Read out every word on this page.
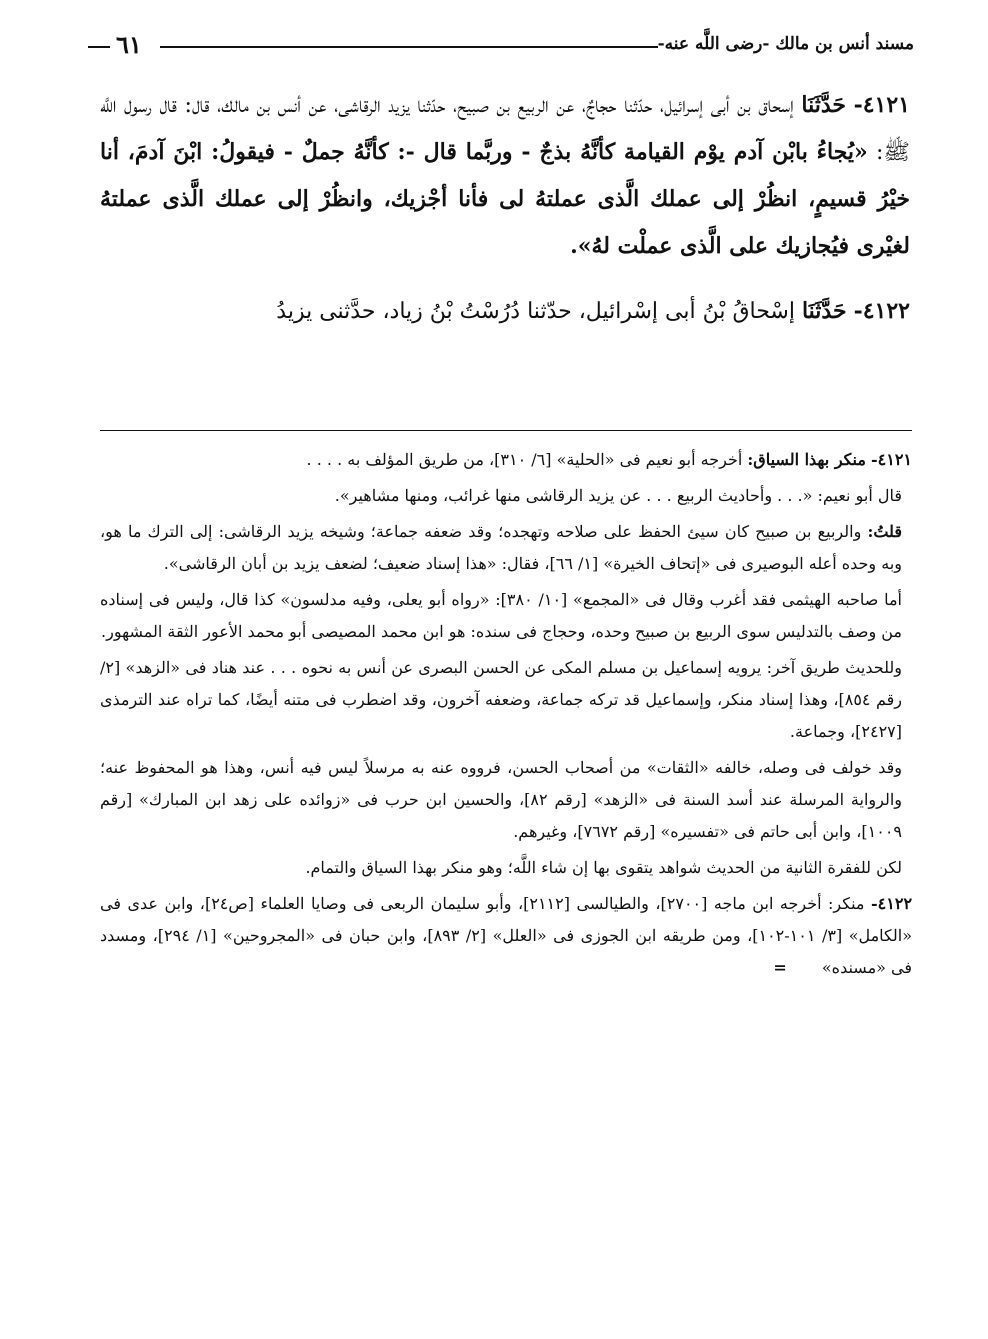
مسند أنس بن مالك -رضى اللَّه عنه-
٦١

٤١٢١- حَدَّثَنَا إسحاق بن أبى إسرائيل، حدّثنا حجاجٌ، عن الربيع بن صبيح، حدّثنا يزيد الرقاشى، عن أنس بن مالك، قال: قال رسول اللَّه ﷺ: «يُجاءُ بابْن آدم يوْم القيامة كأنَّهُ بذجٌ - وربَّما قال -: كأنَّهُ جملٌ - فيقولُ: ابْنَ آدمَ، أنا خيْرُ قسيمٍ، انظُرْ إلى عملك الَّذى عملتهُ لى فأنا أجْزيك، وانظُرْ إلى عملك الَّذى عملتهُ لغيْرى فيُجازيك على الَّذى عملْت لهُ».

٤١٢٢- حَدَّثَنَا إسْحاقُ بْنُ أبى إسْرائيل، حدّثنا دُرُسْتُ بْنُ زياد، حدَّثنى يزيدُ

٤١٢١- منكر بهذا السياق: أخرجه أبو نعيم فى «الحلية» [٦/ ٣١٠]، من طريق المؤلف به . . . .

قال أبو نعيم: «. . . وأحاديث الربيع . . . عن يزيد الرقاشى منها غرائب، ومنها مشاهير».

قلتُ: والربيع بن صبيح كان سيئ الحفظ على صلاحه وتهجده؛ وقد ضعفه جماعة؛ وشيخه يزيد الرقاشى: إلى الترك ما هو، وبه وحده أعله البوصيرى فى «إتحاف الخيرة» [١/ ٦٦]، فقال: «هذا إسناد ضعيف؛ لضعف يزيد بن أبان الرقاشى».

أما صاحبه الهيثمى فقد أغرب وقال فى «المجمع» [١٠/ ٣٨٠]: «رواه أبو يعلى، وفيه مدلسون» كذا قال، وليس فى إسناده من وصف بالتدليس سوى الربيع بن صبيح وحده، وحجاج فى سنده: هو ابن محمد المصيصى أبو محمد الأعور الثقة المشهور.

وللحديث طريق آخر: يرويه إسماعيل بن مسلم المكى عن الحسن البصرى عن أنس به نحوه . . . عند هناد فى «الزهد» [٢/ رقم ٨٥٤]، وهذا إسناد منكر، وإسماعيل قد تركه جماعة، وضعفه آخرون، وقد اضطرب فى متنه أيضًا، كما تراه عند الترمذى [٢٤٢٧]، وجماعة.

وقد خولف فى وصله، خالفه «الثقات» من أصحاب الحسن، فرووه عنه به مرسلاً ليس فيه أنس، وهذا هو المحفوظ عنه؛ والرواية المرسلة عند أسد السنة فى «الزهد» [رقم ٨٢]، والحسين ابن حرب فى «زوائده على زهد ابن المبارك» [رقم ١٠٠٩]، وابن أبى حاتم فى «تفسيره» [رقم ٧٦٧٢]، وغيرهم.

لكن للفقرة الثانية من الحديث شواهد يتقوى بها إن شاء اللَّه؛ وهو منكر بهذا السياق والتمام.

٤١٢٢- منكر: أخرجه ابن ماجه [٢٧٠٠]، والطيالسى [٢١١٢]، وأبو سليمان الربعى فى وصايا العلماء [ص٢٤]، وابن عدى فى «الكامل» [٣/ ١٠١-١٠٢]، ومن طريقه ابن الجوزى فى «العلل» [٢/ ٨٩٣]، وابن حبان فى «المجروحين» [١/ ٢٩٤]، ومسدد فى «مسنده» =
